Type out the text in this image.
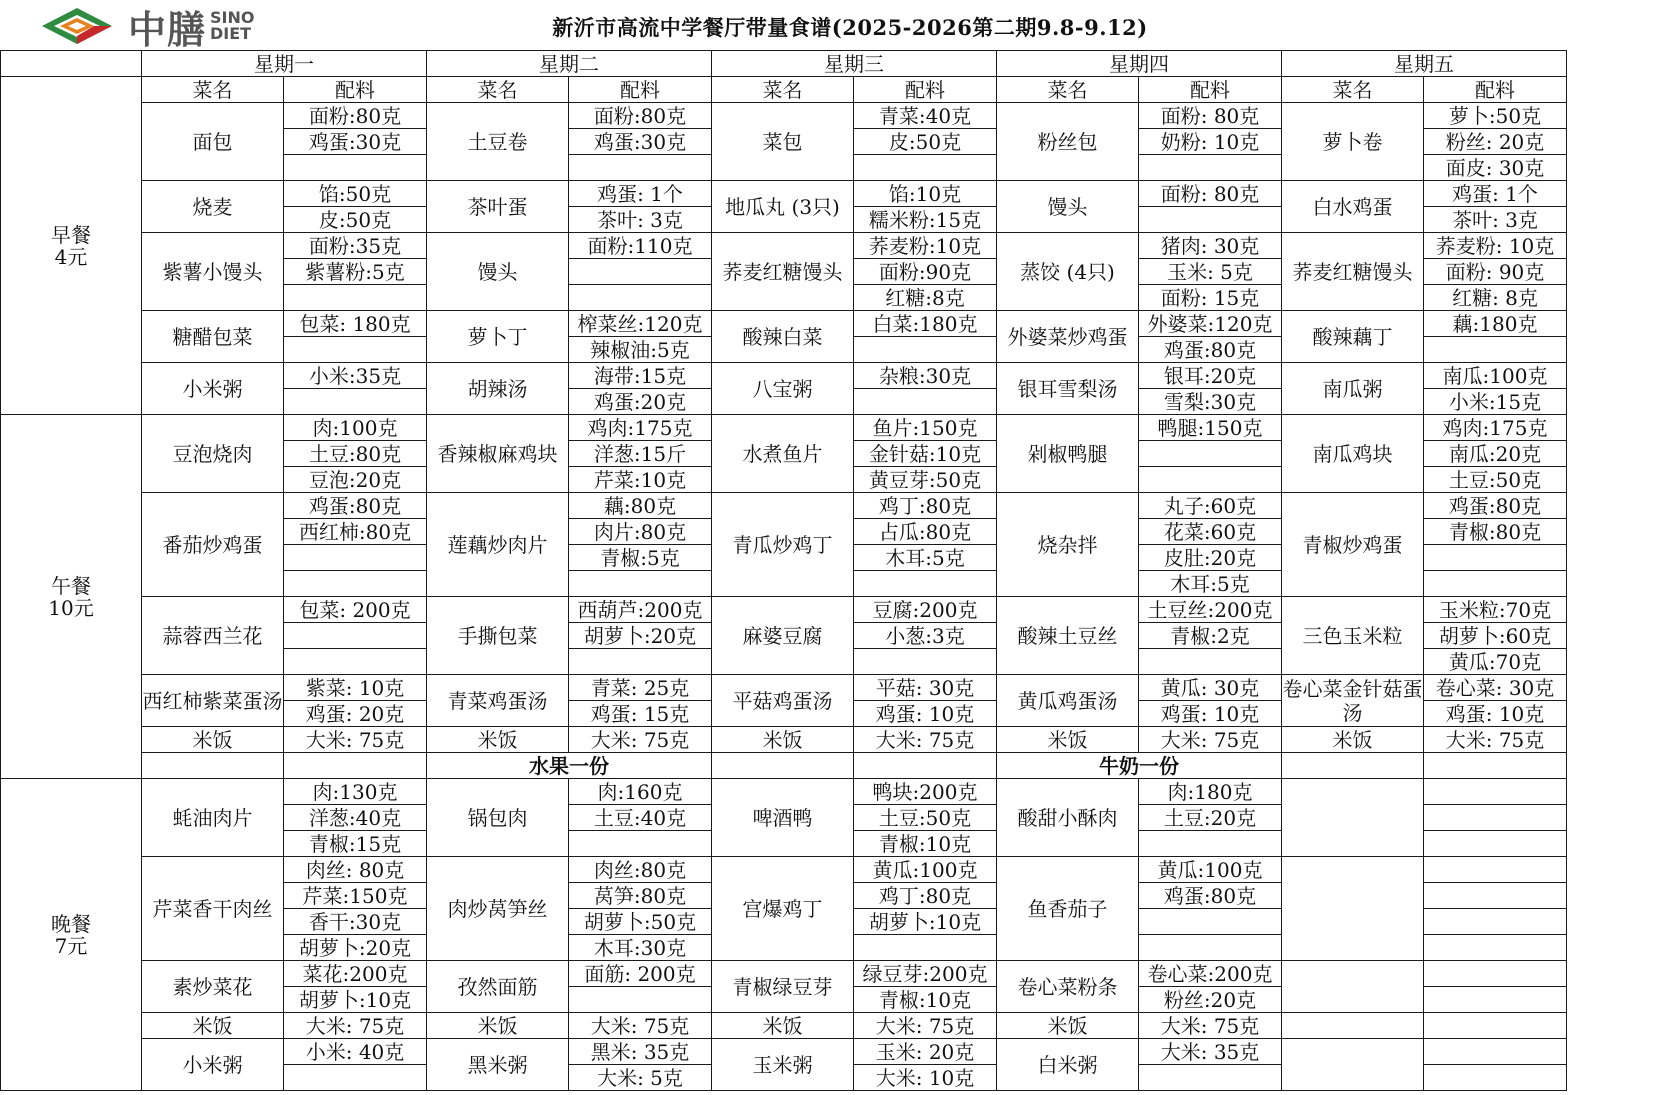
中膳 SINO
DIET	新沂市高流中学餐厅带量食谱(2025-2026第二期9.8-9.12)
	星期一		星期二		星期三		星期四		星期五	

早餐
4元	菜名	配料	菜名	配料	菜名	配料	菜名	配料	菜名	配料
	面包	面粉:80克	土豆卷	面粉:80克	菜包	青菜:40克	粉丝包	面粉: 80克	萝卜卷	萝卜:50克
		鸡蛋:30克		鸡蛋:30克		皮:50克		奶粉: 10克		粉丝: 20克
										面皮: 30克
	烧麦	馅:50克	茶叶蛋	鸡蛋: 1个	地瓜丸 (3只)	馅:10克	馒头	面粉: 80克	白水鸡蛋	鸡蛋: 1个
		皮:50克		茶叶: 3克		糯米粉:15克				茶叶: 3克
	紫薯小馒头	面粉:35克	馒头	面粉:110克	荞麦红糖馒头	荞麦粉:10克	蒸饺 (4只)	猪肉: 30克	荞麦红糖馒头	荞麦粉: 10克
		紫薯粉:5克				面粉:90克		玉米: 5克		面粉: 90克
						红糖:8克		面粉: 15克		红糖: 8克
	糖醋包菜	包菜: 180克	萝卜丁	榨菜丝:120克	酸辣白菜	白菜:180克	外婆菜炒鸡蛋	外婆菜:120克	酸辣藕丁	藕:180克
				辣椒油:5克				鸡蛋:80克		
	小米粥	小米:35克	胡辣汤	海带:15克	八宝粥	杂粮:30克	银耳雪梨汤	银耳:20克	南瓜粥	南瓜:100克
				鸡蛋:20克				雪梨:30克		小米:15克

午餐
10元	豆泡烧肉	肉:100克	香辣椒麻鸡块	鸡肉:175克	水煮鱼片	鱼片:150克	剁椒鸭腿	鸭腿:150克	南瓜鸡块	鸡肉:175克
		土豆:80克		洋葱:15斤		金针菇:10克				南瓜:20克
		豆泡:20克		芹菜:10克		黄豆芽:50克				土豆:50克
	番茄炒鸡蛋	鸡蛋:80克	莲藕炒肉片	藕:80克	青瓜炒鸡丁	鸡丁:80克	烧杂拌	丸子:60克	青椒炒鸡蛋	鸡蛋:80克
		西红柿:80克		肉片:80克		占瓜:80克		花菜:60克		青椒:80克
				青椒:5克		木耳:5克		皮肚:20克		
								木耳:5克		
	蒜蓉西兰花	包菜: 200克	手撕包菜	西葫芦:200克	麻婆豆腐	豆腐:200克	酸辣土豆丝	土豆丝:200克	三色玉米粒	玉米粒:70克
				胡萝卜:20克		小葱:3克		青椒:2克		胡萝卜:60克
										黄瓜:70克
	西红柿紫菜蛋汤	紫菜: 10克	青菜鸡蛋汤	青菜: 25克	平菇鸡蛋汤	平菇: 30克	黄瓜鸡蛋汤	黄瓜: 30克	卷心菜金针菇蛋汤	卷心菜: 30克
		鸡蛋: 20克		鸡蛋: 15克		鸡蛋: 10克		鸡蛋: 10克		鸡蛋: 10克
	米饭	大米: 75克	米饭	大米: 75克	米饭	大米: 75克	米饭	大米: 75克	米饭	大米: 75克
			水果一份				牛奶一份			

晚餐
7元	蚝油肉片	肉:130克	锅包肉	肉:160克	啤酒鸭	鸭块:200克	酸甜小酥肉	肉:180克		
		洋葱:40克		土豆:40克		土豆:50克		土豆:20克		
		青椒:15克				青椒:10克				
	芹菜香干肉丝	肉丝: 80克	肉炒莴笋丝	肉丝:80克	宫爆鸡丁	黄瓜:100克	鱼香茄子	黄瓜:100克		
		芹菜:150克		莴笋:80克		鸡丁:80克		鸡蛋:80克		
		香干:30克		胡萝卜:50克		胡萝卜:10克				
		胡萝卜:20克		木耳:30克						
	素炒菜花	菜花:200克	孜然面筋	面筋: 200克	青椒绿豆芽	绿豆芽:200克	卷心菜粉条	卷心菜:200克		
		胡萝卜:10克				青椒:10克		粉丝:20克		
	米饭	大米: 75克	米饭	大米: 75克	米饭	大米: 75克	米饭	大米: 75克		
	小米粥	小米: 40克	黑米粥	黑米: 35克	玉米粥	玉米: 20克	白米粥	大米: 35克		
				大米: 5克		大米: 10克				
